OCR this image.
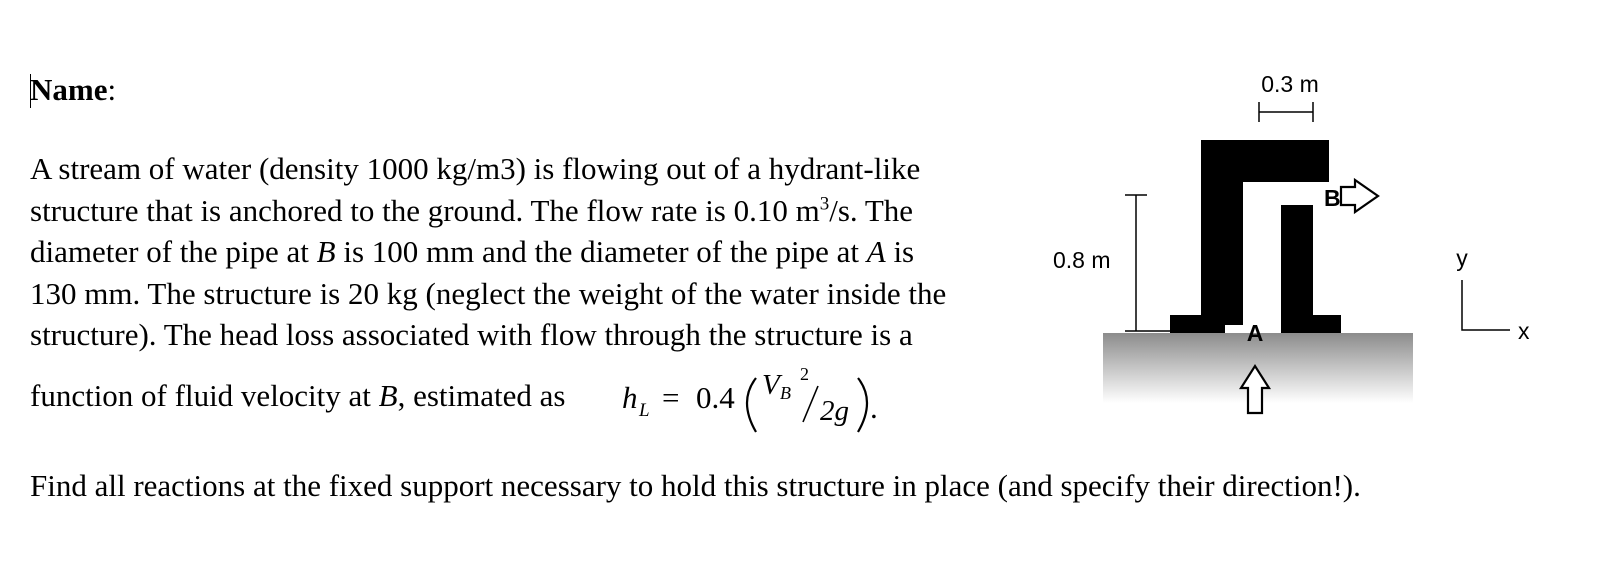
Name:
A stream of water (density 1000 kg/m3) is flowing out of a hydrant-like
structure that is anchored to the ground. The flow rate is 0.10 $m^3/s$. The
diameter of the pipe at B is 100 mm and the diameter of the pipe at A is
130 mm. The structure is 20 kg (neglect the weight of the water inside the
structure). The head loss associated with flow through the structure is a
function of fluid velocity at B, estimated as h L = 0.4 V B
2
2g .
Find all reactions at the fixed support necessary to hold this structure in place (and specify their direction!).
0.3 m
0.8 m
B
A
y
x
